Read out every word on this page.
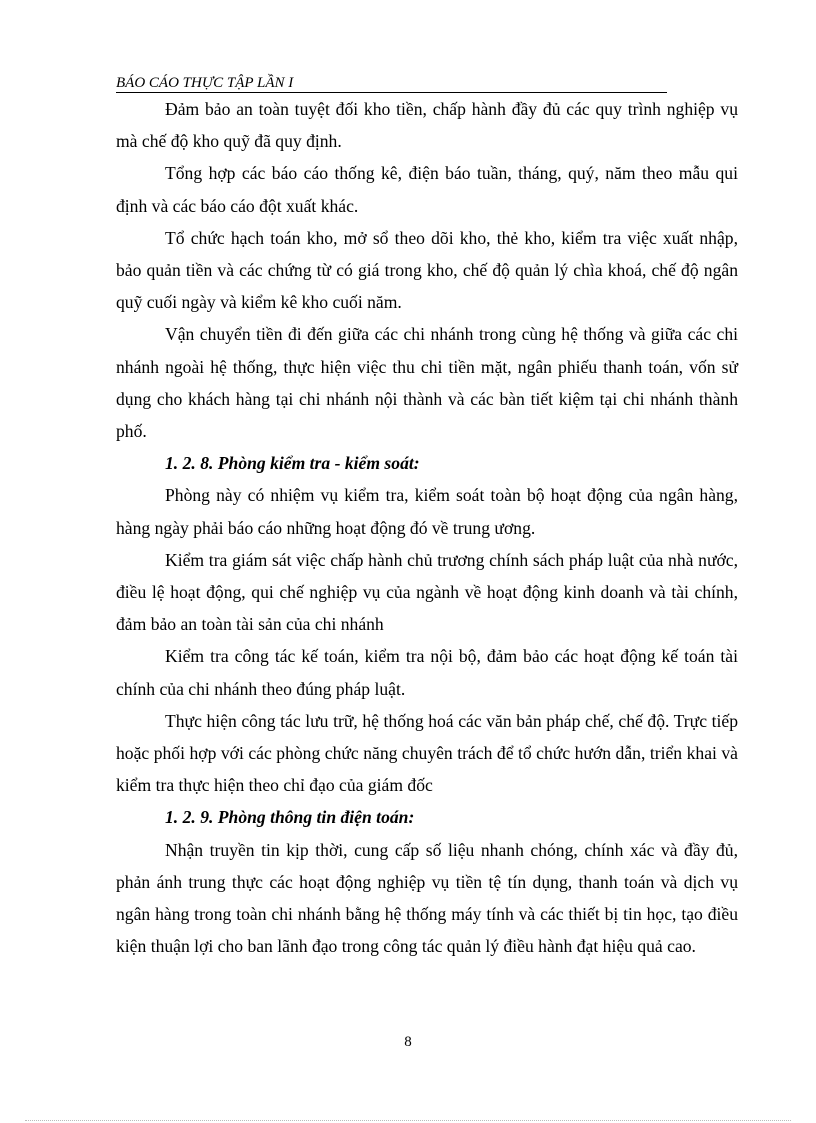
BÁO CÁO THỰC TẬP LẦN I

Đảm bảo an toàn tuyệt đối kho tiền, chấp hành đầy đủ các quy trình nghiệp vụ mà chế độ kho quỹ đã quy định.

Tổng hợp các báo cáo thống kê, điện báo tuần, tháng, quý, năm theo mẫu qui định và các báo cáo đột xuất khác.

Tổ chức hạch toán kho, mở sổ theo dõi kho, thẻ kho, kiểm tra việc xuất nhập, bảo quản tiền và các chứng từ có giá trong kho, chế độ quản lý chìa khoá, chế độ ngân quỹ cuối ngày và kiểm kê kho cuối năm.

Vận chuyển tiền đi đến giữa các chi nhánh trong cùng hệ thống và giữa các chi nhánh ngoài hệ thống, thực hiện việc thu chi tiền mặt, ngân phiếu thanh toán, vốn sử dụng cho khách hàng tại chi nhánh nội thành và các bàn tiết kiệm tại chi nhánh thành phố.

1. 2. 8. Phòng kiểm tra - kiểm soát:

Phòng này có nhiệm vụ kiểm tra, kiểm soát toàn bộ hoạt động của ngân hàng, hàng ngày phải báo cáo những hoạt động đó về trung ương.

Kiểm tra giám sát việc chấp hành chủ trương chính sách pháp luật của nhà nước, điều lệ hoạt động, qui chế nghiệp vụ của ngành về hoạt động kinh doanh và tài chính, đảm bảo an toàn tài sản của chi nhánh

Kiểm tra công tác kế toán, kiểm tra nội bộ, đảm bảo các hoạt động kế toán tài chính của chi nhánh theo đúng pháp luật.

Thực hiện công tác lưu trữ, hệ thống hoá các văn bản pháp chế, chế độ. Trực tiếp hoặc phối hợp với các phòng chức năng chuyên trách để tổ chức hướn dẫn, triển khai và kiểm tra thực hiện theo chỉ đạo của giám đốc

1. 2. 9. Phòng thông tin điện toán:

Nhận truyền tin kịp thời, cung cấp số liệu nhanh chóng, chính xác và đầy đủ, phản ánh trung thực các hoạt động nghiệp vụ tiền tệ tín dụng, thanh toán và dịch vụ ngân hàng trong toàn chi nhánh bằng hệ thống máy tính và các thiết bị tin học, tạo điều kiện thuận lợi cho ban lãnh đạo trong công tác quản lý điều hành đạt hiệu quả cao.

8
